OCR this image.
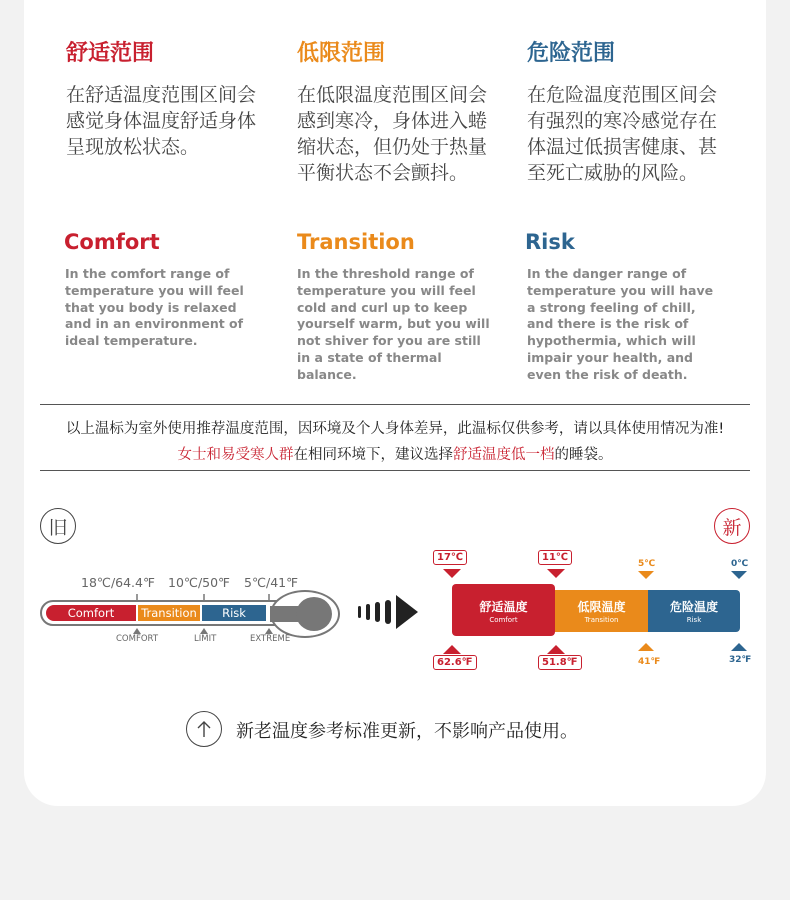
舒适范围
在舒适温度范围区间会感觉身体温度舒适身体呈现放松状态。
Comfort
In the comfort range of temperature you will feel that you body is relaxed and in an environment of ideal temperature.
低限范围
在低限温度范围区间会感到寒冷，身体进入蜷缩状态，但仍处于热量平衡状态不会颤抖。
Transition
In the threshold range of temperature you will feel cold and curl up to keep yourself warm, but you will not shiver for you are still in a state of thermal balance.
危险范围
在危险温度范围区间会有强烈的寒冷感觉存在体温过低损害健康、甚至死亡威胁的风险。
Risk
In the danger range of temperature you will have a strong feeling of chill, and there is the risk of hypothermia, which will impair your health, and even the risk of death.
以上温标为室外使用推荐温度范围，因环境及个人身体差异，此温标仅供参考，请以具体使用情况为准!
女士和易受寒人群在相同环境下，建议选择舒适温度低一档的睡袋。
旧	新
18℃/64.4℉ 10℃/50℉ 5℃/41℉
Comfort	Transition	Risk
COMFORT	LIMIT	EXTREME
17℃	11℃
5℃	0℃
舒适温度
Comfort
低限温度
Transition
危险温度
Risk
62.6℉	51.8℉	41℉	32℉
新老温度参考标准更新，不影响产品使用。
